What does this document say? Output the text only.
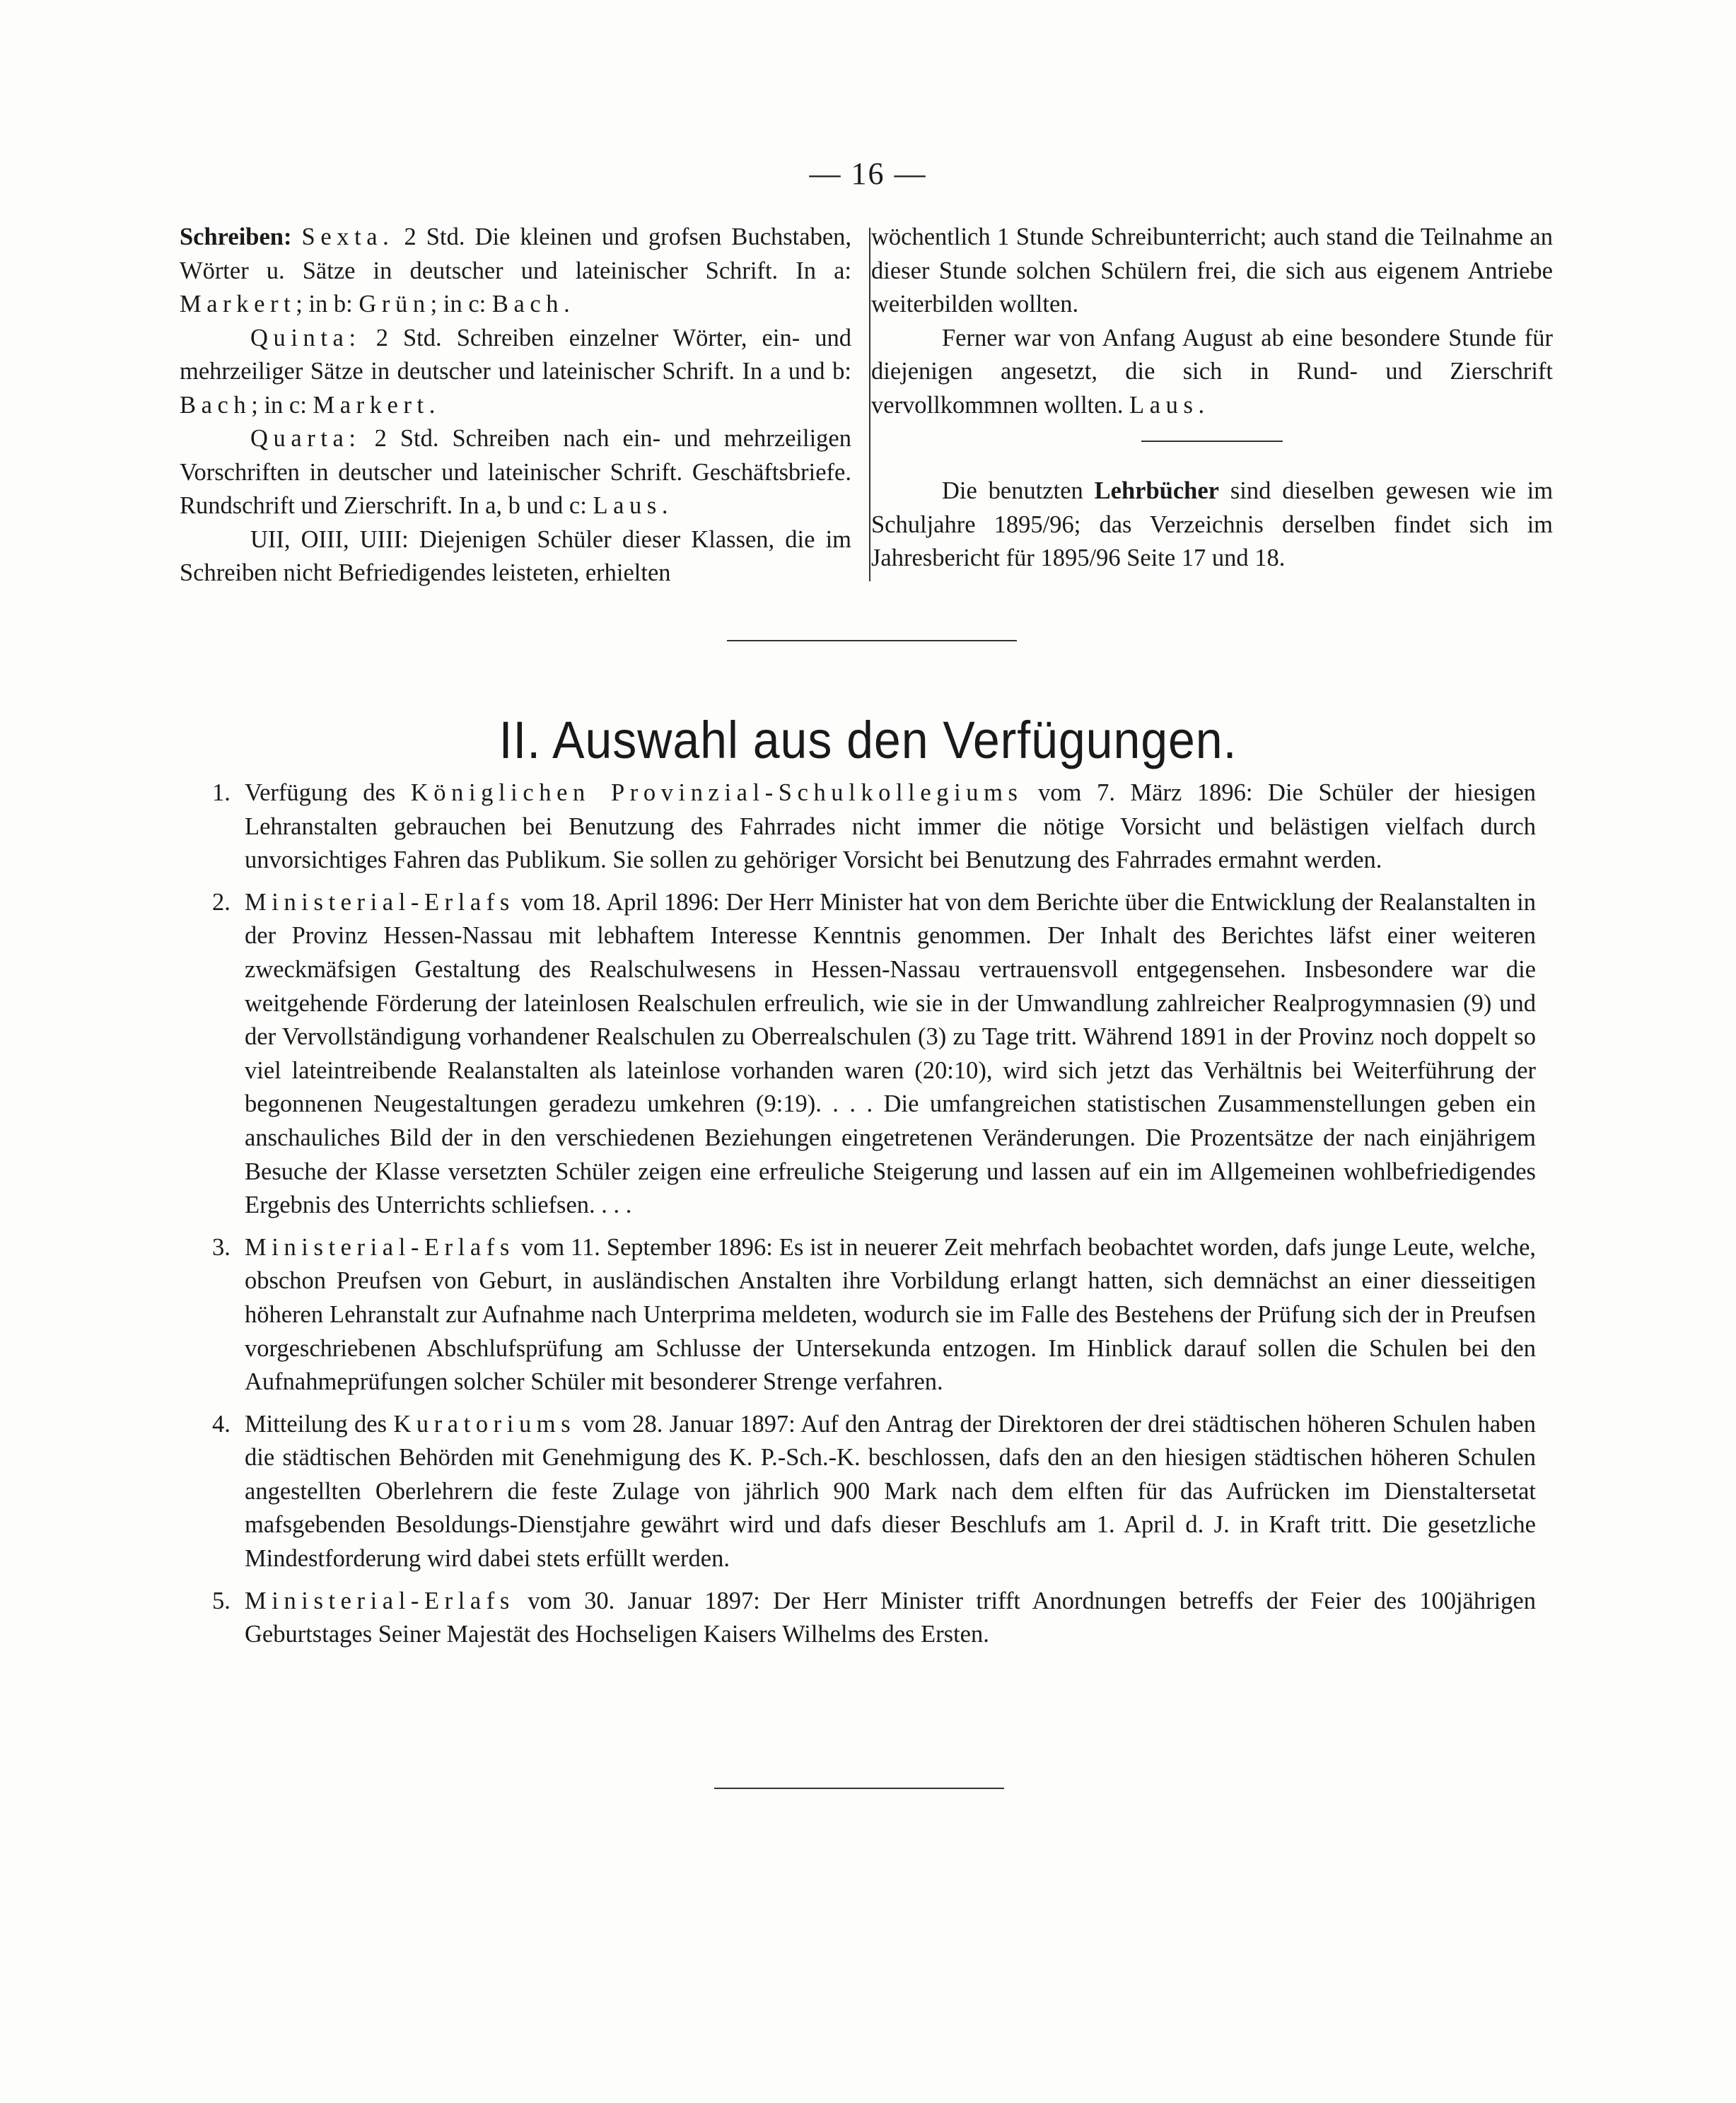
— 16 —

Schreiben: Sexta. 2 Std. Die kleinen und grofsen Buchstaben, Wörter u. Sätze in deutscher und lateinischer Schrift. In a: Markert; in b: Grün; in c: Bach.

Quinta: 2 Std. Schreiben einzelner Wörter, ein- und mehrzeiliger Sätze in deutscher und lateinischer Schrift. In a und b: Bach; in c: Markert.

Quarta: 2 Std. Schreiben nach ein- und mehrzeiligen Vorschriften in deutscher und lateinischer Schrift. Geschäftsbriefe. Rundschrift und Zierschrift. In a, b und c: Laus.

UII, OIII, UIII: Diejenigen Schüler dieser Klassen, die im Schreiben nicht Befriedigendes leisteten, erhielten

wöchentlich 1 Stunde Schreibunterricht; auch stand die Teilnahme an dieser Stunde solchen Schülern frei, die sich aus eigenem Antriebe weiterbilden wollten.

Ferner war von Anfang August ab eine besondere Stunde für diejenigen angesetzt, die sich in Rund- und Zierschrift vervollkommnen wollten. Laus.

Die benutzten Lehrbücher sind dieselben gewesen wie im Schuljahre 1895/96; das Verzeichnis derselben findet sich im Jahresbericht für 1895/96 Seite 17 und 18.

II. Auswahl aus den Verfügungen.

1. Verfügung des Königlichen Provinzial-Schulkollegiums vom 7. März 1896: Die Schüler der hiesigen Lehranstalten gebrauchen bei Benutzung des Fahrrades nicht immer die nötige Vorsicht und belästigen vielfach durch unvorsichtiges Fahren das Publikum. Sie sollen zu gehöriger Vorsicht bei Benutzung des Fahrrades ermahnt werden.

2. Ministerial-Erlafs vom 18. April 1896: Der Herr Minister hat von dem Berichte über die Entwicklung der Realanstalten in der Provinz Hessen-Nassau mit lebhaftem Interesse Kenntnis genommen. Der Inhalt des Berichtes läfst einer weiteren zweckmäfsigen Gestaltung des Realschulwesens in Hessen-Nassau vertrauensvoll entgegensehen. Insbesondere war die weitgehende Förderung der lateinlosen Realschulen erfreulich, wie sie in der Umwandlung zahlreicher Realprogymnasien (9) und der Vervollständigung vorhandener Realschulen zu Oberrealschulen (3) zu Tage tritt. Während 1891 in der Provinz noch doppelt so viel lateintreibende Realanstalten als lateinlose vorhanden waren (20:10), wird sich jetzt das Verhältnis bei Weiterführung der begonnenen Neugestaltungen geradezu umkehren (9:19). . . . Die umfangreichen statistischen Zusammenstellungen geben ein anschauliches Bild der in den verschiedenen Beziehungen eingetretenen Veränderungen. Die Prozentsätze der nach einjährigem Besuche der Klasse versetzten Schüler zeigen eine erfreuliche Steigerung und lassen auf ein im Allgemeinen wohlbefriedigendes Ergebnis des Unterrichts schliefsen. . . .

3. Ministerial-Erlafs vom 11. September 1896: Es ist in neuerer Zeit mehrfach beobachtet worden, dafs junge Leute, welche, obschon Preufsen von Geburt, in ausländischen Anstalten ihre Vorbildung erlangt hatten, sich demnächst an einer diesseitigen höheren Lehranstalt zur Aufnahme nach Unterprima meldeten, wodurch sie im Falle des Bestehens der Prüfung sich der in Preufsen vorgeschriebenen Abschlufsprüfung am Schlusse der Untersekunda entzogen. Im Hinblick darauf sollen die Schulen bei den Aufnahmeprüfungen solcher Schüler mit besonderer Strenge verfahren.

4. Mitteilung des Kuratoriums vom 28. Januar 1897: Auf den Antrag der Direktoren der drei städtischen höheren Schulen haben die städtischen Behörden mit Genehmigung des K. P.-Sch.-K. beschlossen, dafs den an den hiesigen städtischen höheren Schulen angestellten Oberlehrern die feste Zulage von jährlich 900 Mark nach dem elften für das Aufrücken im Dienstaltersetat mafsgebenden Besoldungs-Dienstjahre gewährt wird und dafs dieser Beschlufs am 1. April d. J. in Kraft tritt. Die gesetzliche Mindestforderung wird dabei stets erfüllt werden.

5. Ministerial-Erlafs vom 30. Januar 1897: Der Herr Minister trifft Anordnungen betreffs der Feier des 100jährigen Geburtstages Seiner Majestät des Hochseligen Kaisers Wilhelms des Ersten.
